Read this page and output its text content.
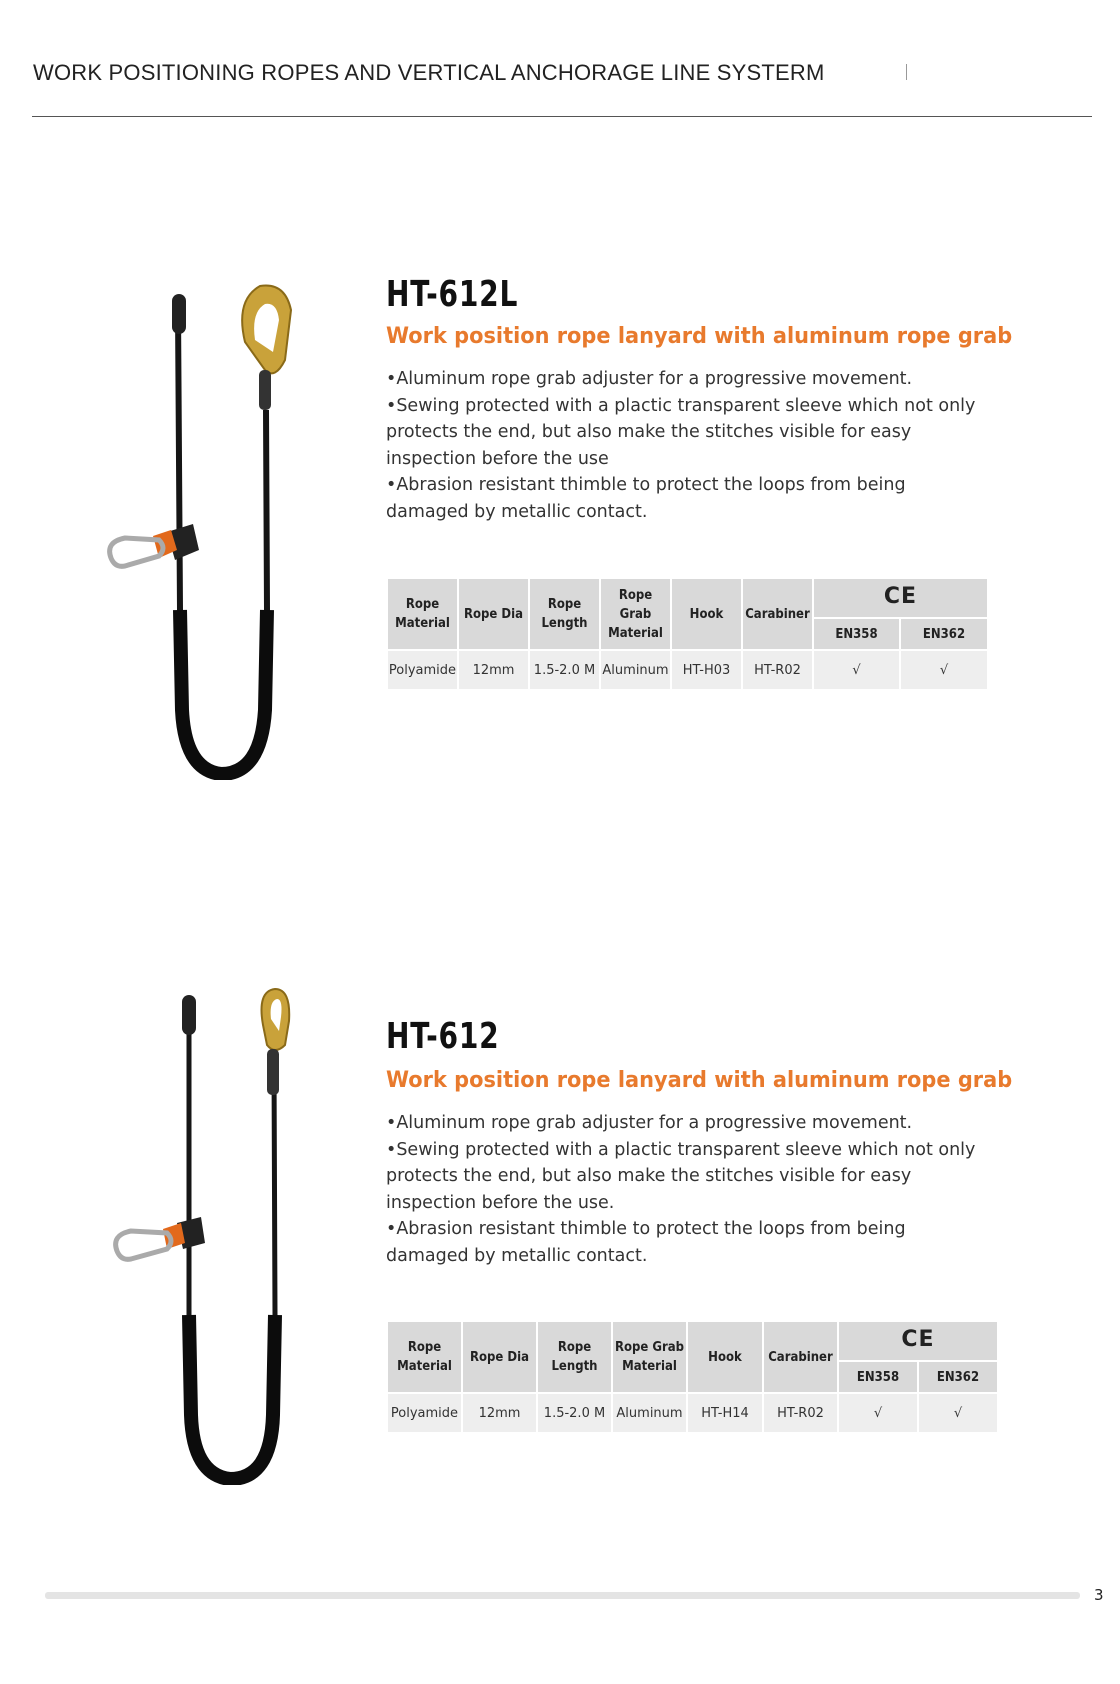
WORK POSITIONING ROPES AND VERTICAL ANCHORAGE LINE SYSTERM
HT-612L
Work position rope lanyard with aluminum rope grab

•Aluminum rope grab adjuster for a progressive movement.

•Sewing protected with a plactic transparent sleeve which not only protects the end, but also make the stitches visible for easy inspection before the use

•Abrasion resistant thimble to protect the loops from being damaged by metallic contact.

Rope Material	Rope Dia	Rope Length	Rope Grab Material	Hook	Carabiner	CE	
						EN358	EN362
Polyamide	12mm	1.5-2.0 M	Aluminum	HT-H03	HT-R02	√	√
HT-612
Work position rope lanyard with aluminum rope grab

•Aluminum rope grab adjuster for a progressive movement.

•Sewing protected with a plactic transparent sleeve which not only protects the end, but also make the stitches visible for easy inspection before the use.

•Abrasion resistant thimble to protect the loops from being damaged by metallic contact.

Rope Material	Rope Dia	Rope Length	Rope Grab Material	Hook	Carabiner	CE	
						EN358	EN362
Polyamide	12mm	1.5-2.0 M	Aluminum	HT-H14	HT-R02	√	√
3
